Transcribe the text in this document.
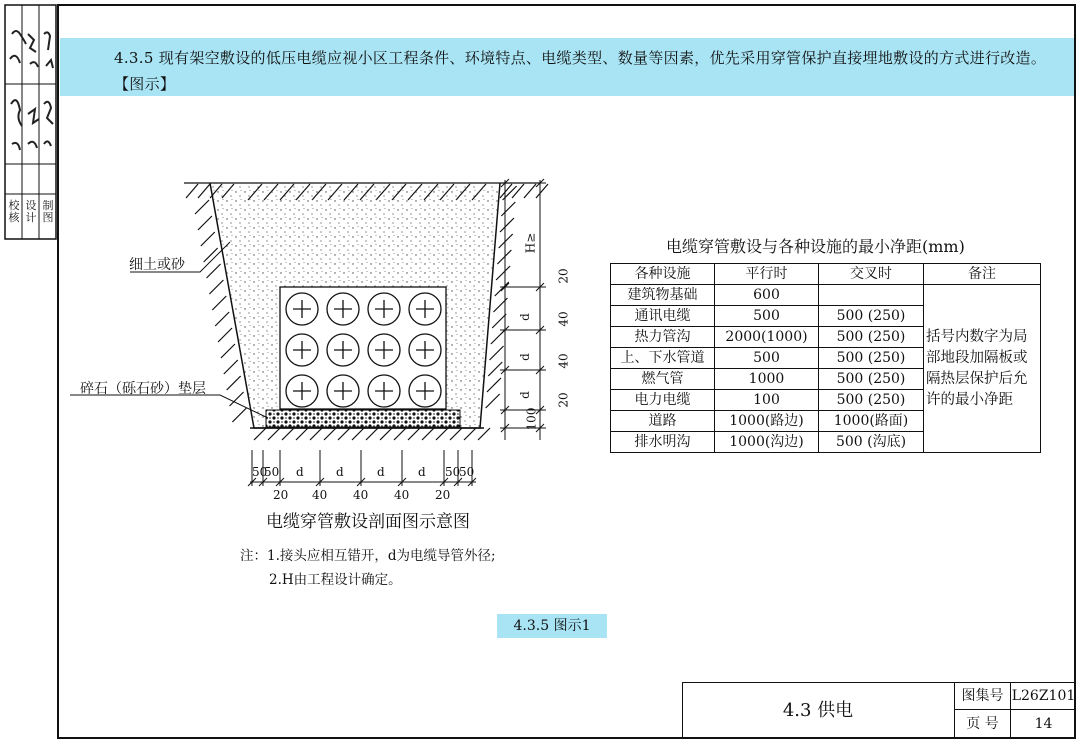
校核
设计
制图
4.3.5 现有架空敷设的低压电缆应视小区工程条件、环境特点、电缆类型、数量等因素，优先采用穿管保护直接埋地敷设的方式进行改造。【图示】
细土或砂
碎石（砾石砂）垫层
H≥
20
40
40
20
100
d
d
d
50
50 d	d	d	d 50
50
20 40 40 40 20
电缆穿管敷设剖面图示意图
注：1.接头应相互错开，d为电缆导管外径;
2.H由工程设计确定。
电缆穿管敷设与各种设施的最小净距(mm)
各种设施	平行时	交叉时	备注
建筑物基础	600		括号内数字为局部地段加隔板或隔热层保护后允许的最小净距
通讯电缆	500	500 (250)	
热力管沟	2000(1000)	500 (250)	
上、下水管道	500	500 (250)	
燃气管	1000	500 (250)	
电力电缆	100	500 (250)	
道路	1000(路边)	1000(路面)	
排水明沟	1000(沟边)	500 (沟底)	
4.3.5 图示1
4.3 供电
图集号 L26Z101
页 号	14
